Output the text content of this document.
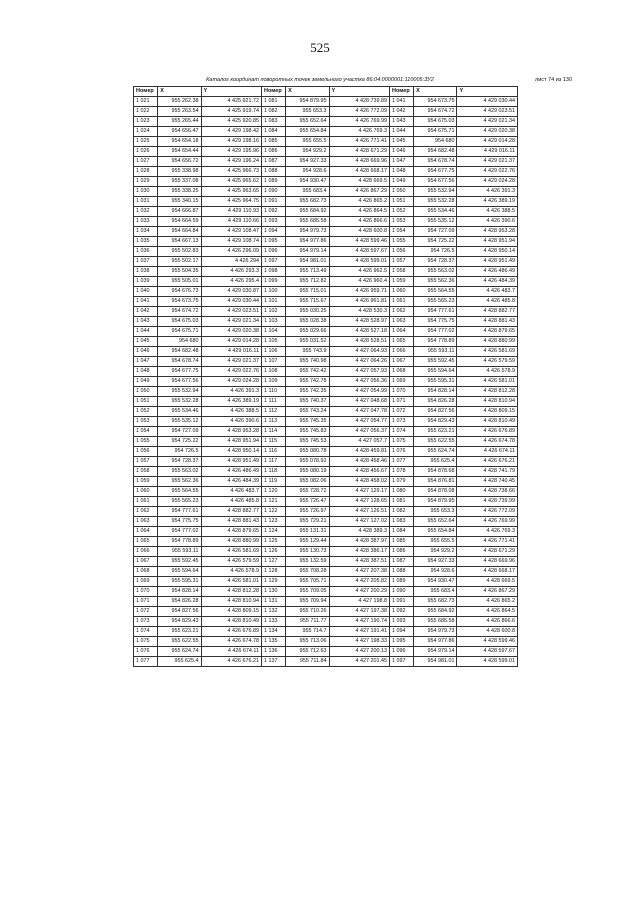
525
Каталог координат поворотных точек земельного участка 86:04:0000001:110005:ЗУ2	лист 74 из 130
Номер	X	Y	Номер	X	Y	Номер	X	Y
1 021	955 262.38	4 425 921.72	1 081	954 879.95	4 428 739.89	1 041	954 673.75	4 429 030.44
1 022	955 263.54	4 425 919.74	1 082	955 653.3	4 426 772.09	1 042	954 674.72	4 429 023.51
1 023	955 265.44	4 425 920.85	1 083	955 652.64	4 426 769.99	1 043	954 675.03	4 429 021.34
1 024	954 656.47	4 429 198.42	1 084	955 654.84	4 426 769.3	1 044	954 675.71	4 429 020.38
1 025	954 654.18	4 429 198.16	1 085	955 655.5	4 426 771.41	1 045	954 680	4 429 014.28
1 026	954 654.44	4 429 195.96	1 086	954 929.2	4 428 671.29	1 046	954 682.48	4 429 016.11
1 027	954 656.72	4 429 196.24	1 087	954 927.33	4 428 669.96	1 047	954 678.74	4 429 021.37
1 028	955 338.98	4 425 966.73	1 088	954 928.6	4 428 668.17	1 048	954 677.75	4 429 022.76
1 029	955 337.08	4 425 965.62	1 089	954 930.47	4 428 669.5	1 049	954 677.56	4 429 024.28
1 030	955 338.25	4 425 963.65	1 090	955 683.4	4 426 867.29	1 050	955 532.94	4 426 391.3
1 031	955 340.15	4 425 964.75	1 091	955 682.73	4 426 865.2	1 051	955 532.28	4 426 389.19
1 032	954 666.87	4 429 110.93	1 092	955 684.92	4 426 864.5	1 052	955 534.46	4 426 388.5
1 033	954 664.59	4 429 110.66	1 093	955 685.58	4 426 866.6	1 053	955 535.12	4 426 390.6
1 034	954 664.84	4 429 108.47	1 094	954 979.73	4 428 600.8	1 054	954 727.09	4 428 953.28
1 035	954 667.13	4 429 108.74	1 095	954 977.86	4 428 599.46	1 055	954 725.22	4 428 951.94
1 036	955 502.83	4 426 296.09	1 096	954 979.14	4 428 597.67	1 056	954 726.5	4 428 950.14
1 037	955 502.17	4 426 294	1 097	954 981.01	4 428 599.01	1 057	954 728.37	4 428 951.49
1 038	955 504.35	4 426 293.3	1 098	955 713.49	4 426 962.5	1 058	955 563.02	4 426 486.49
1 039	955 505.01	4 426 295.4	1 099	955 712.82	4 426 960.4	1 059	955 562.36	4 426 484.39
1 040	954 676.73	4 429 030.87	1 100	955 715.01	4 426 959.71	1 060	955 564.55	4 426 483.7
1 041	954 673.75	4 429 030.44	1 101	955 715.67	4 426 961.81	1 061	955 565.23	4 426 485.8
1 042	954 674.72	4 429 023.51	1 102	955 030.25	4 428 530.3	1 062	954 777.61	4 428 882.77
1 043	954 675.03	4 429 021.34	1 103	955 028.38	4 428 528.97	1 063	954 775.75	4 428 881.43
1 044	954 675.71	4 429 020.38	1 104	955 029.66	4 428 527.18	1 064	954 777.02	4 428 879.65
1 045	954 680	4 429 014.28	1 105	955 031.52	4 428 528.51	1 065	954 778.89	4 428 880.99
1 046	954 682.48	4 429 016.11	1 106	955 743.9	4 427 064.93	1 066	955 593.11	4 426 581.69
1 047	954 678.74	4 429 021.37	1 107	955 740.98	4 427 064.26	1 067	955 592.45	4 426 579.59
1 048	954 677.75	4 429 022.76	1 108	955 742.42	4 427 057.93	1 068	955 594.64	4 426 578.9
1 049	954 677.56	4 429 024.28	1 109	955 742.78	4 427 056.36	1 069	955 595.31	4 426 581.01
1 050	955 532.94	4 426 391.3	1 110	955 742.35	4 427 054.99	1 070	954 828.14	4 428 812.28
1 051	955 532.28	4 426 389.19	1 111	955 740.37	4 427 048.68	1 071	954 826.28	4 428 810.94
1 052	955 534.46	4 426 388.5	1 112	955 743.24	4 427 047.78	1 072	954 827.56	4 428 809.15
1 053	955 535.12	4 426 390.6	1 113	955 745.35	4 427 054.77	1 073	954 829.43	4 428 810.49
1 054	954 727.09	4 428 953.28	1 114	955 745.83	4 427 056.37	1 074	955 623.21	4 426 676.89
1 055	954 725.22	4 428 951.94	1 115	955 745.53	4 427 057.7	1 075	955 622.55	4 426 674.78
1 056	954 726.5	4 428 950.14	1 116	955 080.78	4 428 459.81	1 076	955 624.74	4 426 674.11
1 057	954 728.37	4 428 951.49	1 117	955 078.92	4 428 458.46	1 077	955 625.4	4 426 676.21
1 058	955 563.02	4 426 486.49	1 118	955 080.19	4 428 456.67	1 078	954 878.68	4 428 741.79
1 059	955 562.36	4 426 484.39	1 119	955 082.06	4 428 458.02	1 079	954 876.81	4 428 740.45
1 060	955 564.55	4 426 483.7	1 120	955 728.72	4 427 129.17	1 080	954 878.08	4 428 738.66
1 061	955 565.23	4 426 485.8	1 121	955 726.47	4 427 128.65	1 081	954 879.95	4 428 739.99
1 062	954 777.61	4 428 882.77	1 122	955 726.97	4 427 126.51	1 082	955 653.3	4 426 772.09
1 063	954 775.75	4 428 881.43	1 123	955 729.21	4 427 127.02	1 083	955 652.64	4 426 769.99
1 064	954 777.02	4 428 879.65	1 124	955 131.31	4 428 389.3	1 084	955 654.84	4 426 769.3
1 065	954 778.89	4 428 880.99	1 125	955 129.44	4 428 387.97	1 085	955 655.5	4 426 771.41
1 066	955 593.11	4 426 581.69	1 126	955 130.73	4 428 386.17	1 086	954 929.2	4 428 671.29
1 067	955 592.45	4 426 579.59	1 127	955 132.59	4 428 387.51	1 087	954 927.33	4 428 669.96
1 068	955 594.64	4 426 578.9	1 128	955 708.28	4 427 207.38	1 088	954 928.6	4 428 668.17
1 069	955 595.31	4 426 581.01	1 129	955 705.71	4 427 205.82	1 089	954 930.47	4 428 669.5
1 070	954 828.14	4 428 812.28	1 130	955 709.05	4 427 200.29	1 090	955 683.4	4 426 867.29
1 071	954 826.28	4 428 810.94	1 131	955 709.94	4 427 198.8	1 091	955 682.73	4 426 865.2
1 072	954 827.56	4 428 809.15	1 132	955 710.26	4 427 197.38	1 092	955 684.92	4 426 864.5
1 073	954 829.43	4 428 810.49	1 133	955 711.77	4 427 190.74	1 093	955 685.58	4 426 866.6
1 074	955 623.21	4 426 676.89	1 134	955 714.7	4 427 191.41	1 094	954 979.73	4 428 600.8
1 075	955 622.55	4 426 674.78	1 135	955 713.06	4 427 198.33	1 095	954 977.86	4 428 599.46
1 076	955 624.74	4 426 674.11	1 136	955 712.63	4 427 200.13	1 096	954 979.14	4 428 597.67
1 077	955 625.4	4 426 676.21	1 137	955 711.84	4 427 201.45	1 097	954 981.01	4 428 599.01
